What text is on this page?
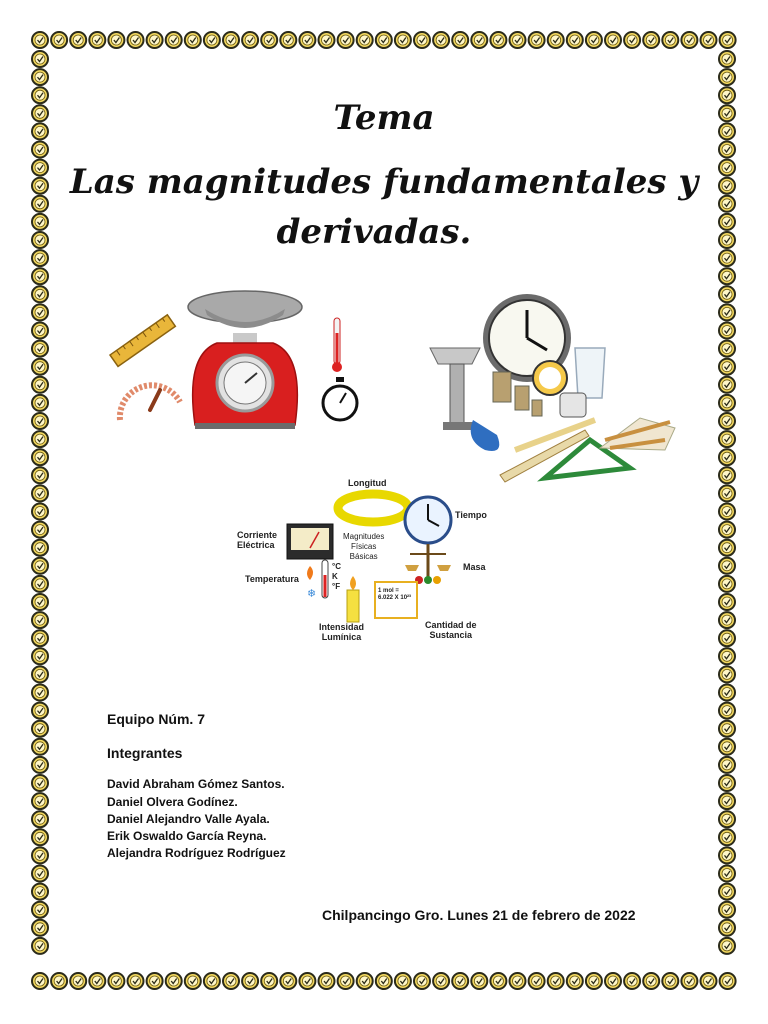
Tema
Las magnitudes fundamentales y
derivadas.
❄
Longitud
Tiempo
Corriente
Eléctrica
Magnitudes
Físicas
Básicas
Temperatura
°C
K
°F
Masa
1 mol =
6.022 X 10²³
Intensidad
Lumínica
Cantidad de
Sustancia
Equipo Núm. 7
Integrantes
David Abraham Gómez Santos.
Daniel Olvera Godínez.
Daniel Alejandro Valle Ayala.
Erik Oswaldo García Reyna.
Alejandra Rodríguez Rodríguez
Chilpancingo Gro. Lunes 21 de febrero de 2022
